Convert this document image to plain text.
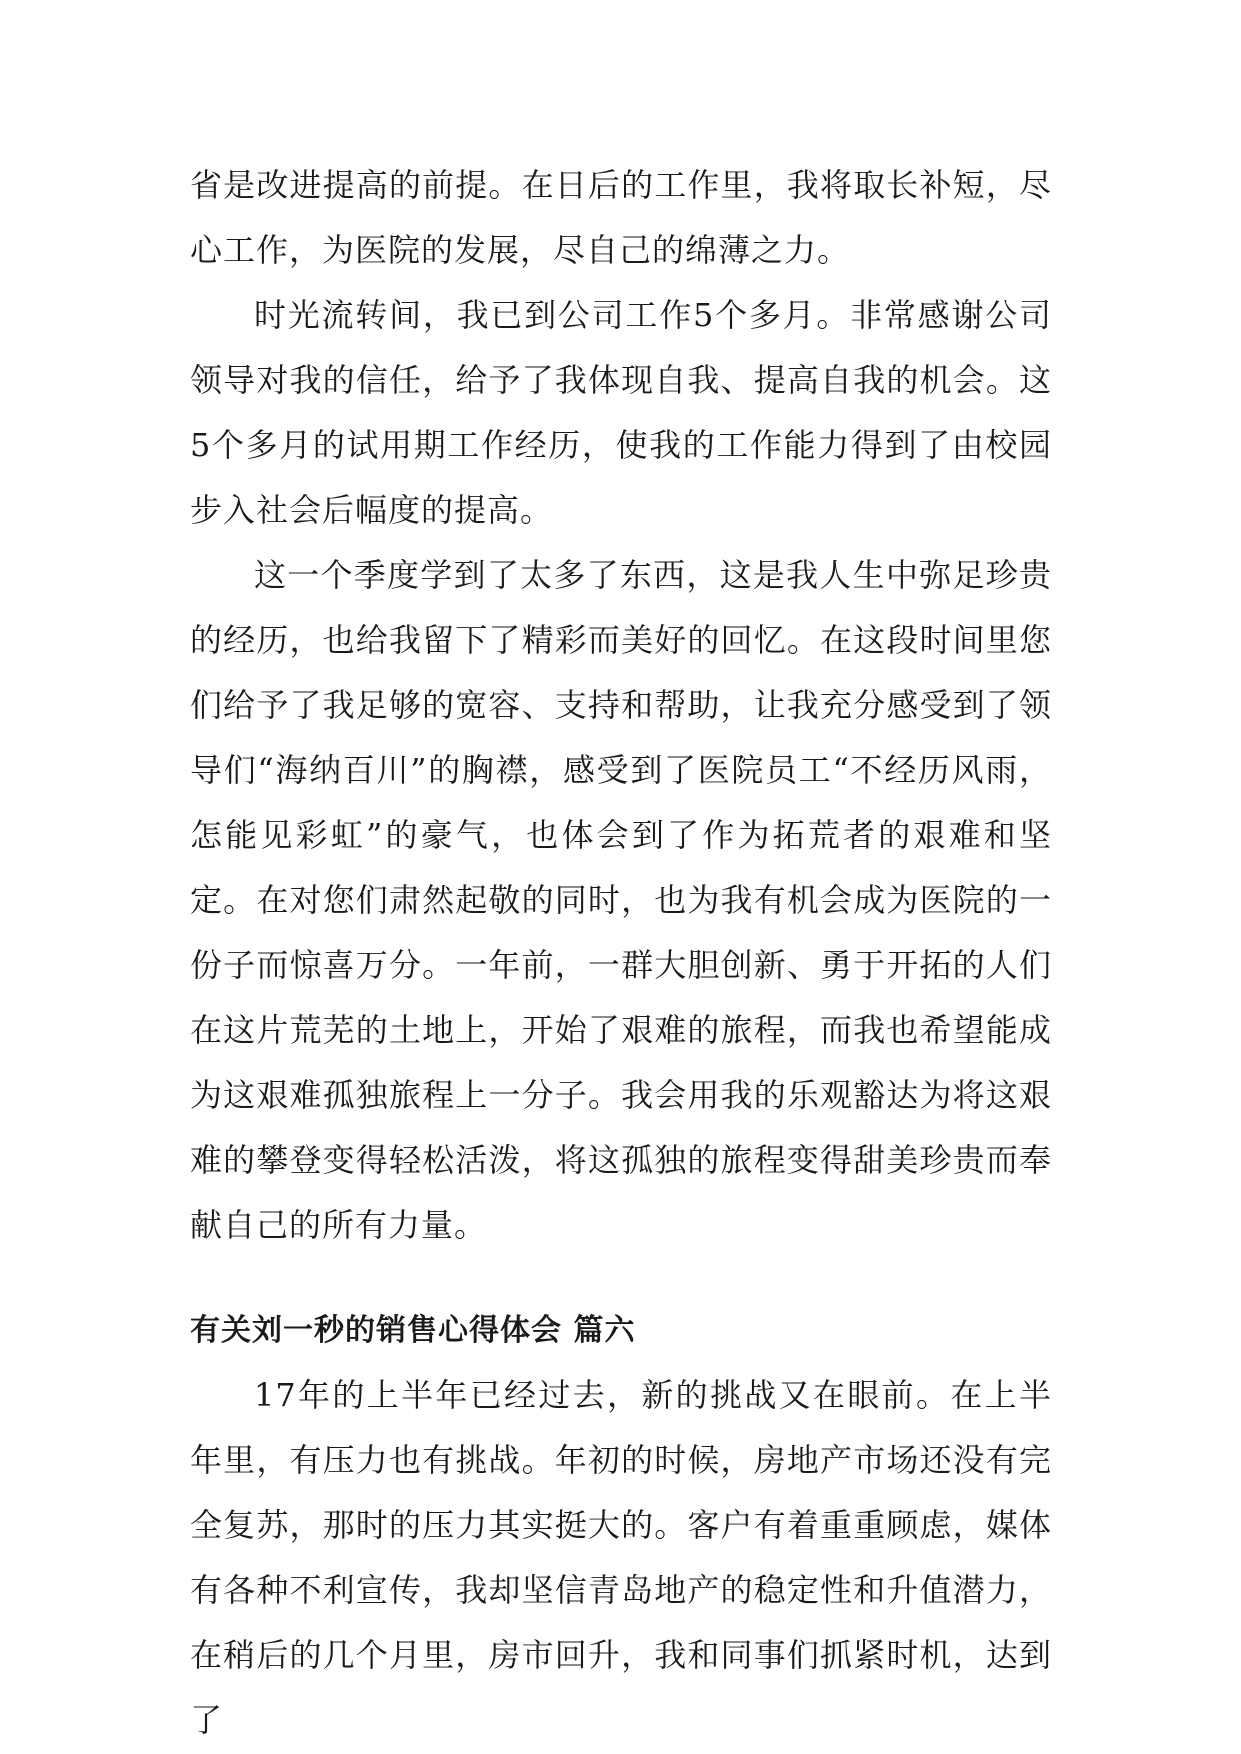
省是改进提高的前提。在日后的工作里，我将取长补短，尽心工作，为医院的发展，尽自己的绵薄之力。

时光流转间，我已到公司工作5个多月。非常感谢公司领导对我的信任，给予了我体现自我、提高自我的机会。这5个多月的试用期工作经历，使我的工作能力得到了由校园步入社会后幅度的提高。

这一个季度学到了太多了东西，这是我人生中弥足珍贵的经历，也给我留下了精彩而美好的回忆。在这段时间里您们给予了我足够的宽容、支持和帮助，让我充分感受到了领导们“海纳百川”的胸襟，感受到了医院员工“不经历风雨，怎能见彩虹”的豪气，也体会到了作为拓荒者的艰难和坚定。在对您们肃然起敬的同时，也为我有机会成为医院的一份子而惊喜万分。一年前，一群大胆创新、勇于开拓的人们在这片荒芜的土地上，开始了艰难的旅程，而我也希望能成为这艰难孤独旅程上一分子。我会用我的乐观豁达为将这艰难的攀登变得轻松活泼，将这孤独的旅程变得甜美珍贵而奉献自己的所有力量。

有关刘一秒的销售心得体会 篇六

17年的上半年已经过去，新的挑战又在眼前。在上半年里，有压力也有挑战。年初的时候，房地产市场还没有完全复苏，那时的压力其实挺大的。客户有着重重顾虑，媒体有各种不利宣传，我却坚信青岛地产的稳定性和升值潜力，在稍后的几个月里，房市回升，我和同事们抓紧时机，达到了
